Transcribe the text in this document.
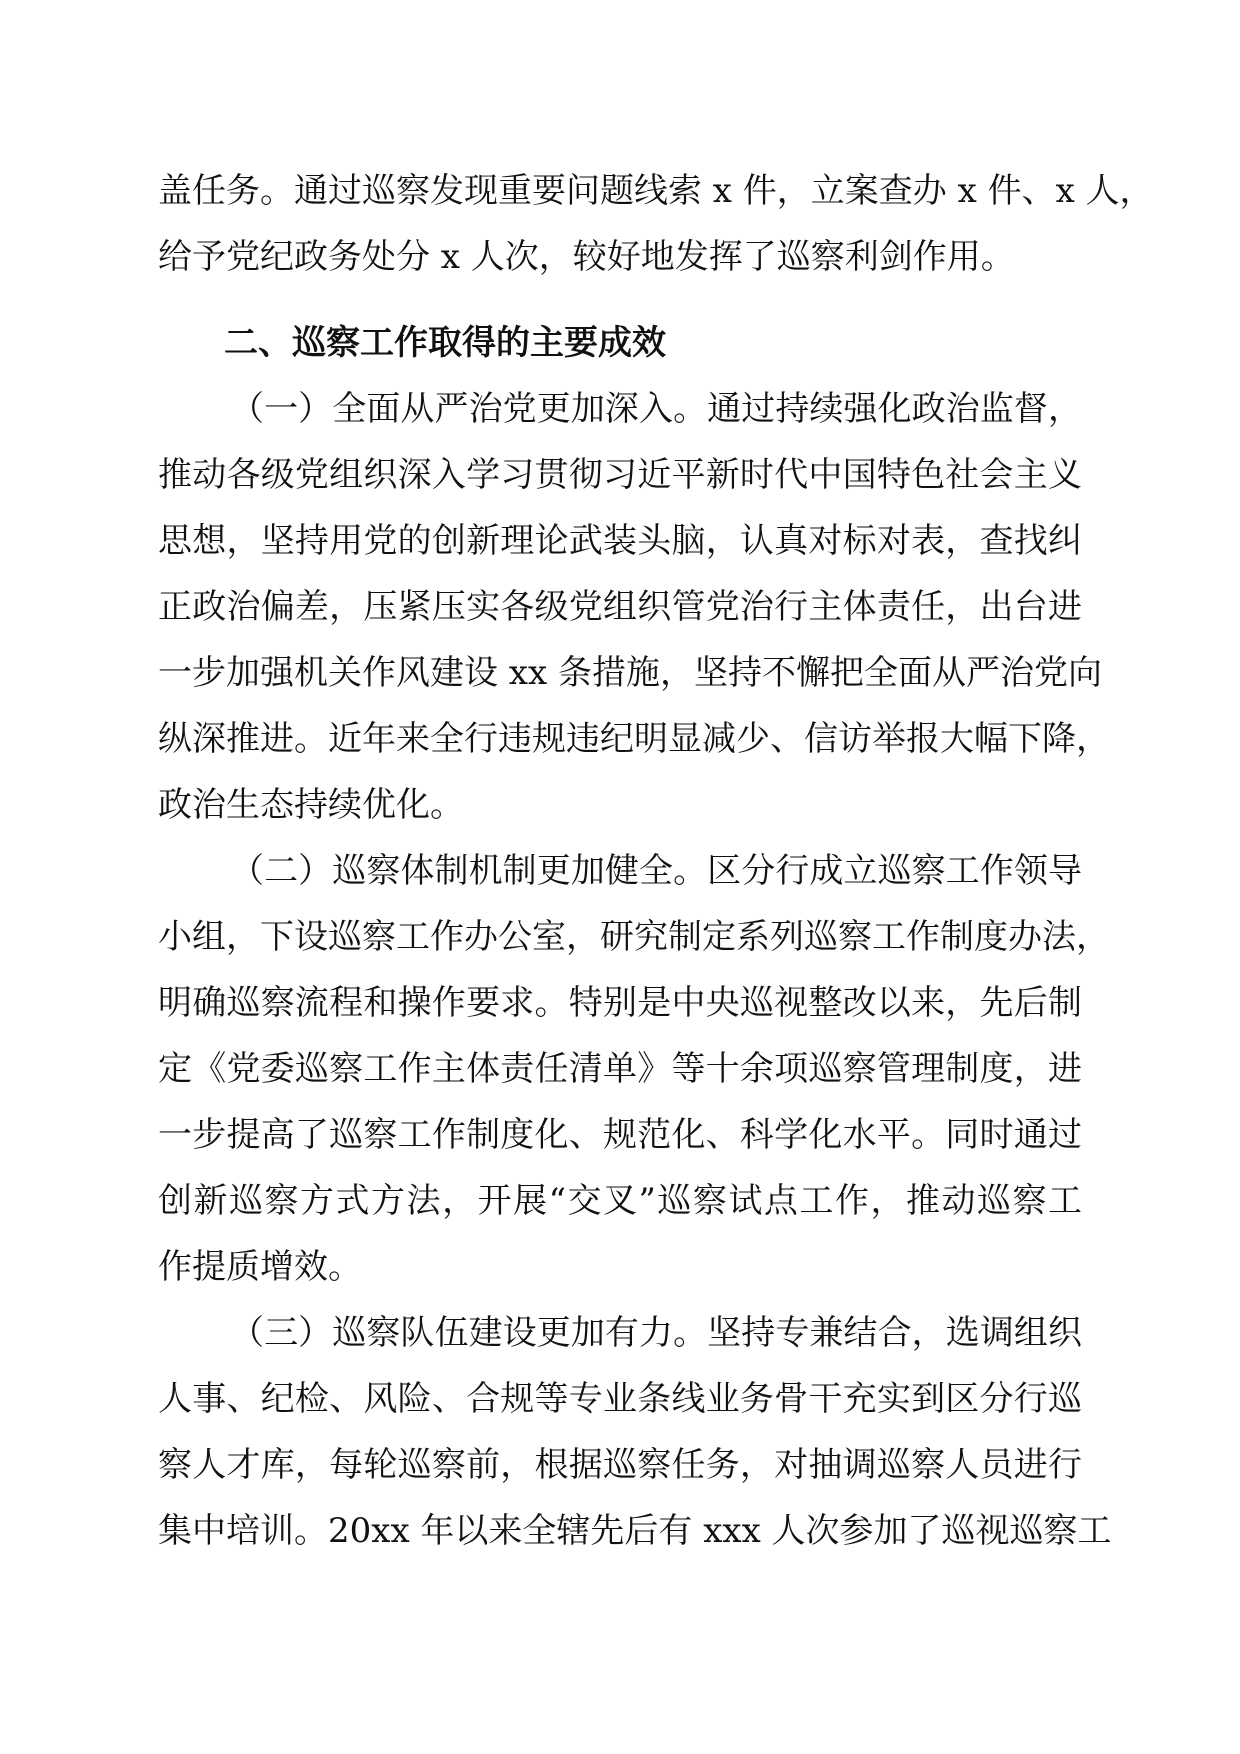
盖任务。通过巡察发现重要问题线索 x 件，立案查办 x 件、x 人，
给予党纪政务处分 x 人次，较好地发挥了巡察利剑作用。
二、巡察工作取得的主要成效
（一）全面从严治党更加深入。通过持续强化政治监督，
推动各级党组织深入学习贯彻习近平新时代中国特色社会主义
思想，坚持用党的创新理论武装头脑，认真对标对表，查找纠
正政治偏差，压紧压实各级党组织管党治行主体责任，出台进
一步加强机关作风建设 xx 条措施，坚持不懈把全面从严治党向
纵深推进。近年来全行违规违纪明显减少、信访举报大幅下降，
政治生态持续优化。
（二）巡察体制机制更加健全。区分行成立巡察工作领导
小组，下设巡察工作办公室，研究制定系列巡察工作制度办法，
明确巡察流程和操作要求。特别是中央巡视整改以来，先后制
定《党委巡察工作主体责任清单》等十余项巡察管理制度，进
一步提高了巡察工作制度化、规范化、科学化水平。同时通过
创新巡察方式方法，开展“交叉”巡察试点工作，推动巡察工
作提质增效。
（三）巡察队伍建设更加有力。坚持专兼结合，选调组织
人事、纪检、风险、合规等专业条线业务骨干充实到区分行巡
察人才库，每轮巡察前，根据巡察任务，对抽调巡察人员进行
集中培训。20xx 年以来全辖先后有 xxx 人次参加了巡视巡察工
